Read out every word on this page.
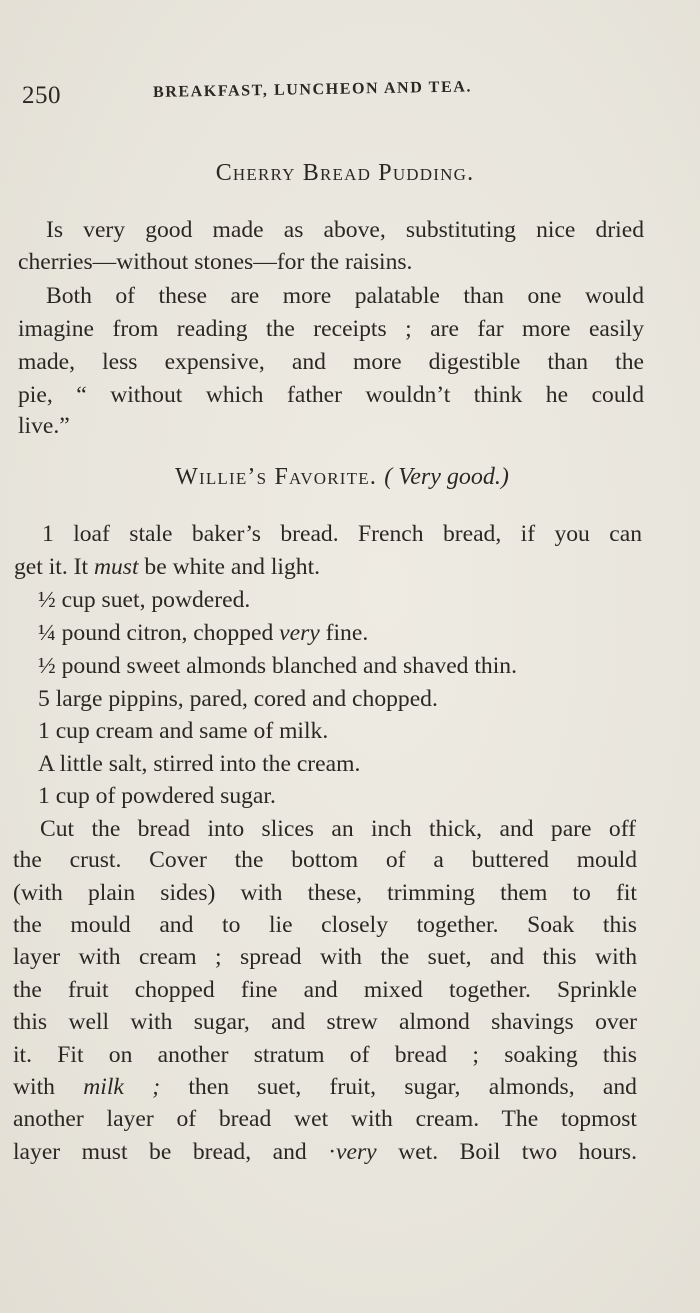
250	BREAKFAST, LUNCHEON AND TEA.
Cherry Bread Pudding.
Is very good made as above, substituting nice dried
cherries—without stones—for the raisins.
Both of these are more palatable than one would
imagine from reading the receipts ; are far more easily
made, less expensive, and more digestible than the
pie, “ without which father wouldn’t think he could
live.”
Willie’s Favorite. ( Very good.)
1 loaf stale baker’s bread. French bread, if you can
get it. It must be white and light.
½ cup suet, powdered.
¼ pound citron, chopped very fine.
½ pound sweet almonds blanched and shaved thin.
5 large pippins, pared, cored and chopped.
1 cup cream and same of milk.
A little salt, stirred into the cream.
1 cup of powdered sugar.
Cut the bread into slices an inch thick, and pare off
the crust. Cover the bottom of a buttered mould
(with plain sides) with these, trimming them to fit
the mould and to lie closely together. Soak this
layer with cream ; spread with the suet, and this with
the fruit chopped fine and mixed together. Sprinkle
this well with sugar, and strew almond shavings over
it. Fit on another stratum of bread ; soaking this
with milk ; then suet, fruit, sugar, almonds, and
another layer of bread wet with cream. The topmost
layer must be bread, and ·very wet. Boil two hours.
